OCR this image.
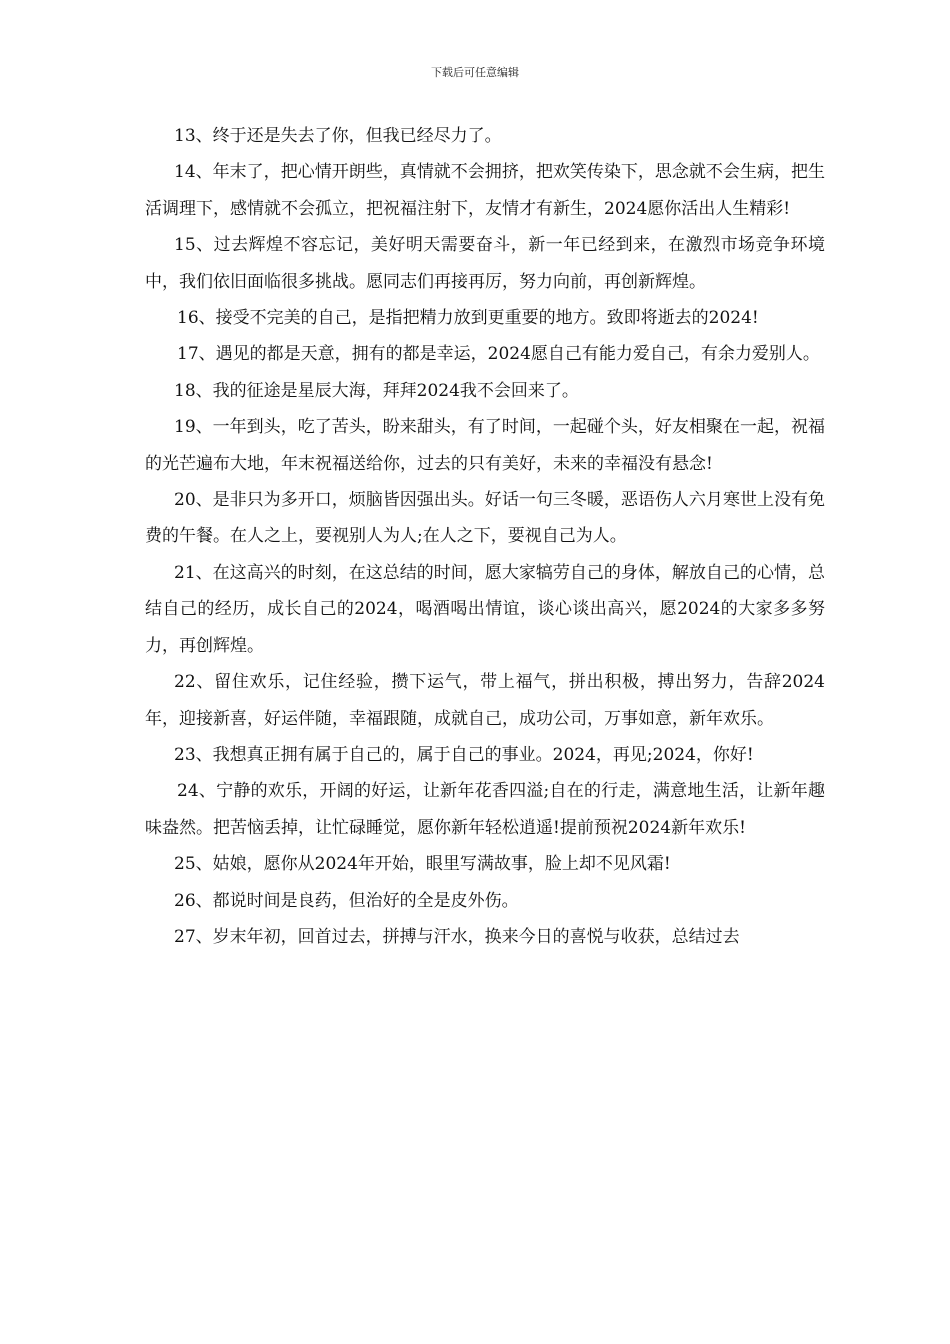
下载后可任意编辑

13、终于还是失去了你，但我已经尽力了。

14、年末了，把心情开朗些，真情就不会拥挤，把欢笑传染下，思念就不会生病，把生活调理下，感情就不会孤立，把祝福注射下，友情才有新生，2024愿你活出人生精彩!

15、过去辉煌不容忘记，美好明天需要奋斗，新一年已经到来，在激烈市场竞争环境中，我们依旧面临很多挑战。愿同志们再接再厉，努力向前，再创新辉煌。

16、接受不完美的自己，是指把精力放到更重要的地方。致即将逝去的2024!

17、遇见的都是天意，拥有的都是幸运，2024愿自己有能力爱自己，有余力爱别人。

18、我的征途是星辰大海，拜拜2024我不会回来了。

19、一年到头，吃了苦头，盼来甜头，有了时间，一起碰个头，好友相聚在一起，祝福的光芒遍布大地，年末祝福送给你，过去的只有美好，未来的幸福没有悬念!

20、是非只为多开口，烦脑皆因强出头。好话一句三冬暖，恶语伤人六月寒世上没有免费的午餐。在人之上，要视别人为人;在人之下，要视自己为人。

21、在这高兴的时刻，在这总结的时间，愿大家犒劳自己的身体，解放自己的心情，总结自己的经历，成长自己的2024，喝酒喝出情谊，谈心谈出高兴，愿2024的大家多多努力，再创辉煌。

22、留住欢乐，记住经验，攒下运气，带上福气，拼出积极，搏出努力，告辞2024年，迎接新喜，好运伴随，幸福跟随，成就自己，成功公司，万事如意，新年欢乐。

23、我想真正拥有属于自己的，属于自己的事业。2024，再见;2024，你好!

24、宁静的欢乐，开阔的好运，让新年花香四溢;自在的行走，满意地生活，让新年趣味盎然。把苦恼丢掉，让忙碌睡觉，愿你新年轻松逍遥!提前预祝2024新年欢乐!

25、姑娘，愿你从2024年开始，眼里写满故事，脸上却不见风霜!

26、都说时间是良药，但治好的全是皮外伤。

27、岁末年初，回首过去，拼搏与汗水，换来今日的喜悦与收获，总结过去
